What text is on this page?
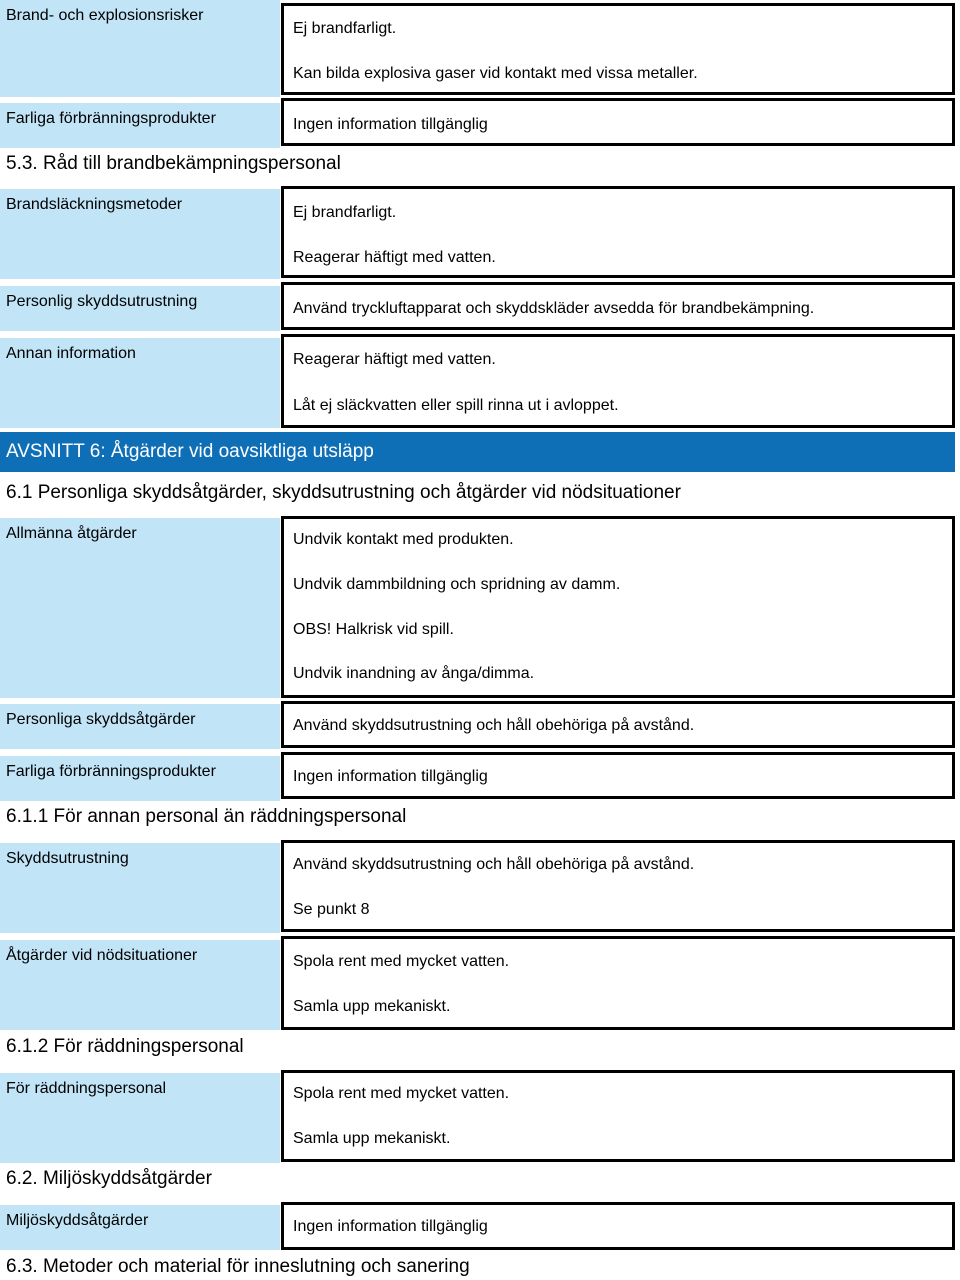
Brand- och explosionsrisker
Ej brandfarligt.
Kan bilda explosiva gaser vid kontakt med vissa metaller.
Farliga förbränningsprodukter	Ingen information tillgänglig
5.3. Råd till brandbekämpningspersonal
Brandsläckningsmetoder	Ej brandfarligt.
Reagerar häftigt med vatten.
Personlig skyddsutrustning	Använd tryckluftapparat och skyddskläder avsedda för brandbekämpning.
Annan information	Reagerar häftigt med vatten.
Låt ej släckvatten eller spill rinna ut i avloppet.
AVSNITT 6: Åtgärder vid oavsiktliga utsläpp
6.1 Personliga skyddsåtgärder, skyddsutrustning och åtgärder vid nödsituationer
Allmänna åtgärder	Undvik kontakt med produkten.
Undvik dammbildning och spridning av damm.
OBS! Halkrisk vid spill.
Undvik inandning av ånga/dimma.
Personliga skyddsåtgärder	Använd skyddsutrustning och håll obehöriga på avstånd.
Farliga förbränningsprodukter	Ingen information tillgänglig
6.1.1 För annan personal än räddningspersonal
Skyddsutrustning	Använd skyddsutrustning och håll obehöriga på avstånd.
Se punkt 8
Åtgärder vid nödsituationer	Spola rent med mycket vatten.
Samla upp mekaniskt.
6.1.2 För räddningspersonal
För räddningspersonal	Spola rent med mycket vatten.
Samla upp mekaniskt.
6.2. Miljöskyddsåtgärder
Miljöskyddsåtgärder	Ingen information tillgänglig
6.3. Metoder och material för inneslutning och sanering
